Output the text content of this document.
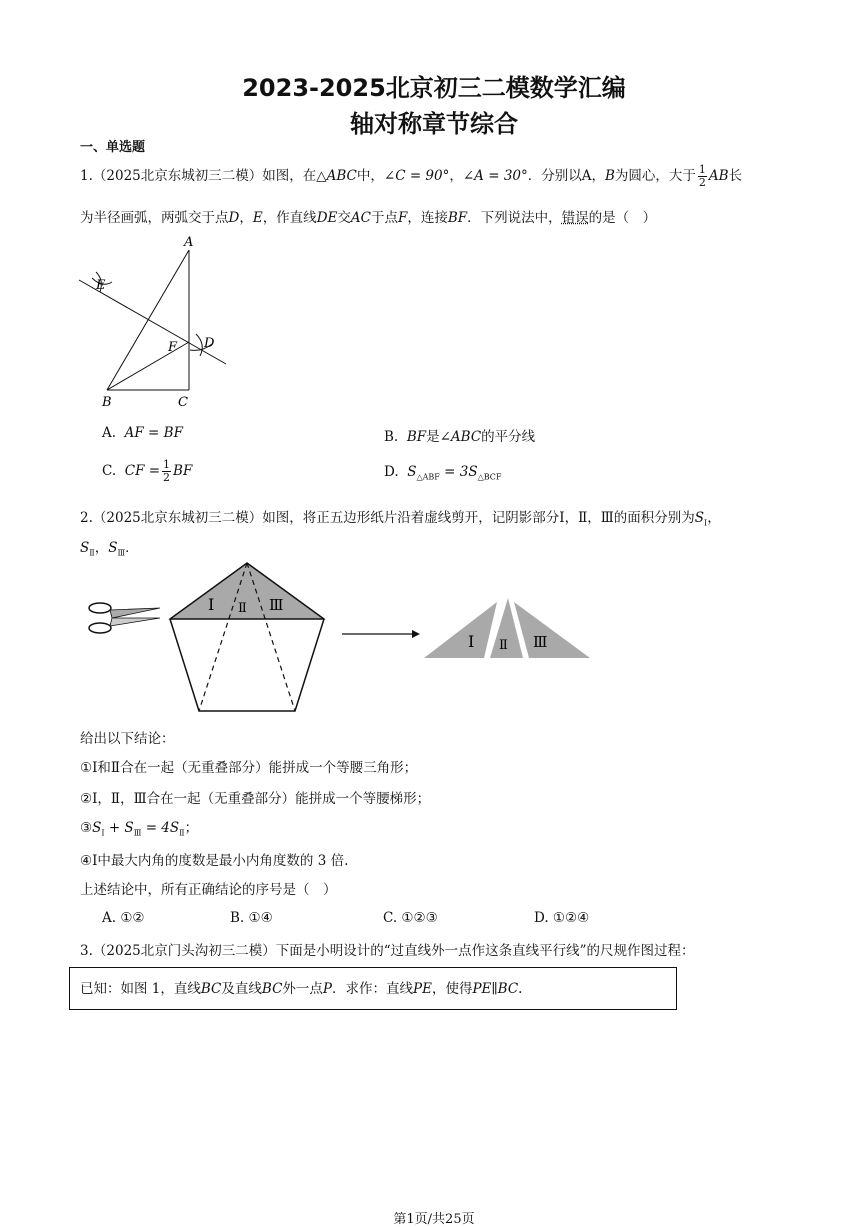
2023-2025北京初三二模数学汇编
轴对称章节综合
一、单选题
1.（2025北京东城初三二模）如图，在△ABC中，∠C = 90°，∠A = 30°．分别以A，B为圆心，大于 $\frac{1}{2}$ AB长
为半径画弧，两弧交于点D，E，作直线DE交AC于点F，连接BF．下列说法中，错误的是（　）
A
E
F D
B	C
A. AF = BF	B. BF是∠ABC的平分线
C. CF = $\frac{1}{2}$ BF	D. $S_{\triangle ABF} = 3S_{\triangle BCF}$
2.（2025北京东城初三二模）如图，将正五边形纸片沿着虚线剪开，记阴影部分Ⅰ，Ⅱ，Ⅲ的面积分别为$S_Ⅰ$，
$S_Ⅱ$，$S_Ⅲ$．
Ⅰ Ⅱ Ⅲ
Ⅰ Ⅱ Ⅲ
给出以下结论：
①Ⅰ和Ⅱ合在一起（无重叠部分）能拼成一个等腰三角形；
②Ⅰ，Ⅱ，Ⅲ合在一起（无重叠部分）能拼成一个等腰梯形；
$③S_Ⅰ + S_Ⅲ = 4S_Ⅱ$；
④Ⅰ中最大内角的度数是最小内角度数的 3 倍.
上述结论中，所有正确结论的序号是（　）
A. ①②	B. ①④	C. ①②③	D. ①②④
3.（2025北京门头沟初三二模）下面是小明设计的“过直线外一点作这条直线平行线”的尺规作图过程：
已知：如图 1，直线BC及直线BC外一点P．求作：直线PE，使得PE∥BC.
第1页/共25页
